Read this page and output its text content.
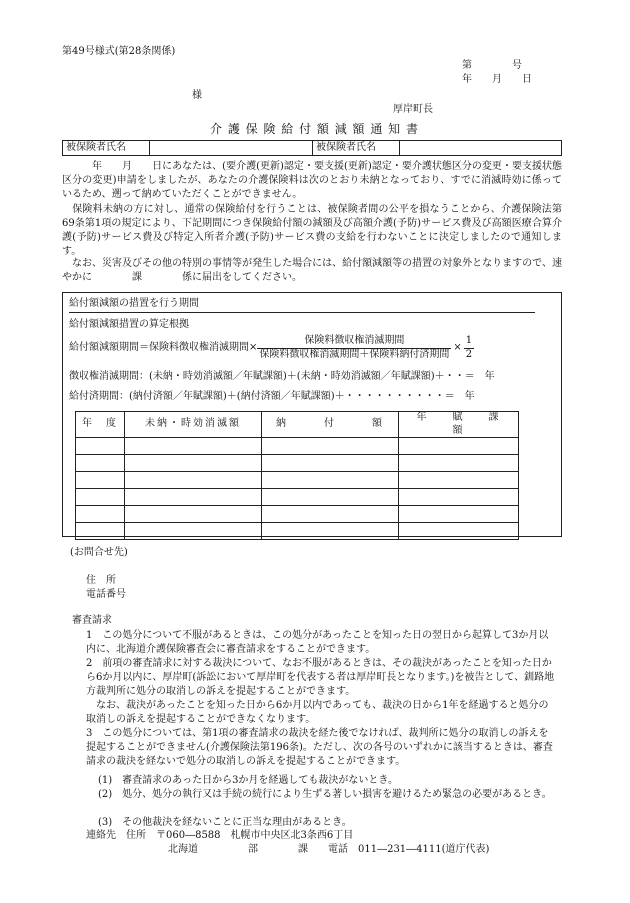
第49号様式(第28条関係)
第　　　　号
年　　月　　日
様
厚岸町長
介 護 保 険 給 付 額 減 額 通 知 書
被保険者氏名		被保険者氏名	
　　　年　　月　　日にあなたは、(要介護(更新)認定・要支援(更新)認定・要介護状態区分の変更・要支援状態区分の変更)申請をしましたが、あなたの介護保険料は次のとおり未納となっており、すでに消滅時効に係っているため、遡って納めていただくことができません。
　保険料未納の方に対し、通常の保険給付を行うことは、被保険者間の公平を損なうことから、介護保険法第69条第1項の規定により、下記期間につき保険給付額の減額及び高額介護(予防)サービス費及び高額医療合算介護(予防)サービス費及び特定入所者介護(予防)サービス費の支給を行わないことに決定しましたので通知します。
　なお、災害及びその他の特別の事情等が発生した場合には、給付額減額等の措置の対象外となりますので、速やかに　　　　課　　　　係に届出をしてください。
給付額減額の措置を行う期間
給付額減額措置の算定根拠
給付額減額期間＝保険料徴収権消滅期間× $\frac{\text{保険料徴収権消滅期間}}{\text{保険料徴収権消滅期間＋保険料納付済期間}} \times \frac{1}{2}$
徴収権消滅期間：(未納・時効消滅額／年賦課額)＋(未納・時効消滅額／年賦課額)＋・・＝　年
給付済期間：(納付済額／年賦課額)＋(納付済額／年賦課額)＋・・・・・・・・・・＝　年
年　度	未納・時効消滅額	納　　　付　　　額	年　　賦　　課　　額

(お問合せ先)
住　所
電話番号
審査請求
1　この処分について不服があるときは、この処分があったことを知った日の翌日から起算して3か月以内に、北海道介護保険審査会に審査請求をすることができます。
2　前項の審査請求に対する裁決について、なお不服があるときは、その裁決があったことを知った日から6か月以内に、厚岸町(訴訟において厚岸町を代表する者は厚岸町長となります。)を被告として、釧路地方裁判所に処分の取消しの訴えを提起することができます。
　なお、裁決があったことを知った日から6か月以内であっても、裁決の日から1年を経過すると処分の取消しの訴えを提起することができなくなります。
3　この処分については、第1項の審査請求の裁決を経た後でなければ、裁判所に処分の取消しの訴えを提起することができません(介護保険法第196条)。ただし、次の各号のいずれかに該当するときは、審査請求の裁決を経ないで処分の取消しの訴えを提起することができます。
(1)　審査請求のあった日から3か月を経過しても裁決がないとき。
(2)　処分、処分の執行又は手続の続行により生ずる著しい損害を避けるため緊急の必要があるとき。
(3)　その他裁決を経ないことに正当な理由があるとき。
連絡先　住所　〒060―8588　札幌市中央区北3条西6丁目
北海道　　　　　部　　　　課　　電話　011―231―4111(道庁代表)
